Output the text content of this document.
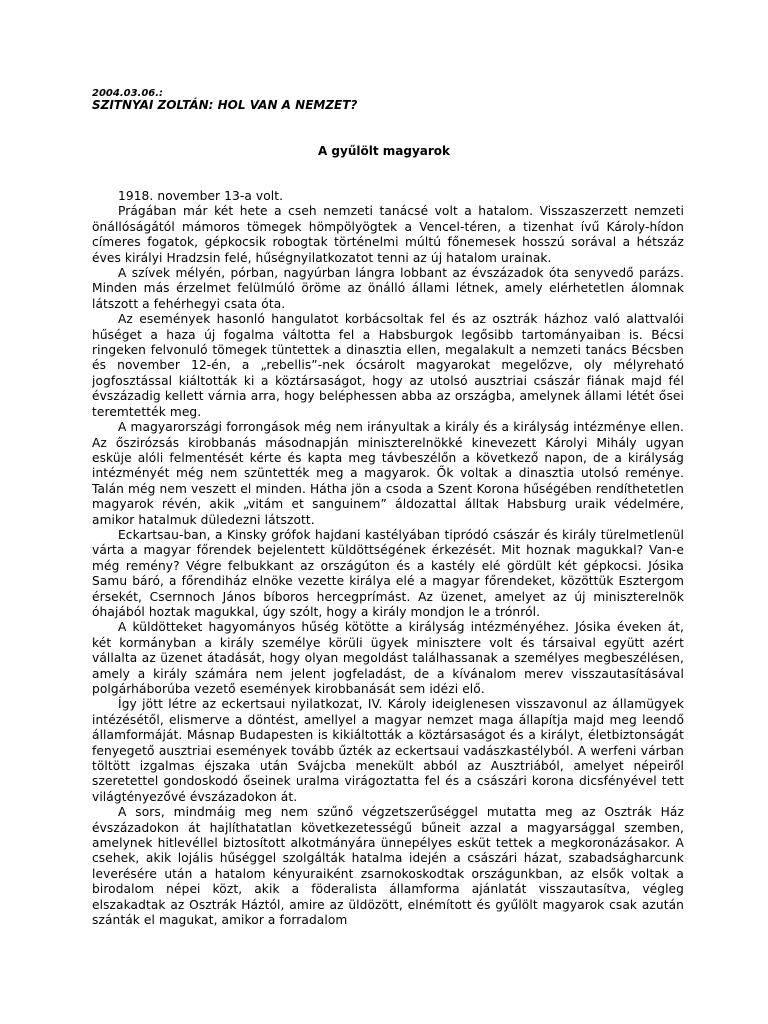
2004.03.06.:
SZITNYAI ZOLTÁN: HOL VAN A NEMZET?
A gyűlölt magyarok

1918. november 13-a volt.

Prágában már két hete a cseh nemzeti tanácsé volt a hatalom. Visszaszerzett nemzeti önállóságától mámoros tömegek hömpölyögtek a Vencel-téren, a tizenhat ívű Károly-hídon címeres fogatok, gépkocsik robogtak történelmi múltú főnemesek hosszú sorával a hétszáz éves királyi Hradzsin felé, hűségnyilatkozatot tenni az új hatalom urainak.

A szívek mélyén, pórban, nagyúrban lángra lobbant az évszázadok óta senyvedő parázs. Minden más érzelmet felülmúló öröme az önálló állami létnek, amely elérhetetlen álomnak látszott a fehérhegyi csata óta.

Az események hasonló hangulatot korbácsoltak fel és az osztrák házhoz való alattvalói hűséget a haza új fogalma váltotta fel a Habsburgok legősibb tartományaiban is. Bécsi ringeken felvonuló tömegek tüntettek a dinasztia ellen, megalakult a nemzeti tanács Bécsben és november 12-én, a „rebellis”-nek ócsárolt magyarokat megelőzve, oly mélyreható jogfosztással kiáltották ki a köztársaságot, hogy az utolsó ausztriai császár fiának majd fél évszázadig kellett várnia arra, hogy beléphessen abba az országba, amelynek állami létét ősei teremtették meg.

A magyarországi forrongások még nem irányultak a király és a királyság intézménye ellen. Az őszirózsás kirobbanás másodnapján miniszterelnökké kinevezett Károlyi Mihály ugyan esküje alóli felmentését kérte és kapta meg távbeszélőn a következő napon, de a királyság intézményét még nem szüntették meg a magyarok. Ők voltak a dinasztia utolsó reménye. Talán még nem veszett el minden. Hátha jön a csoda a Szent Korona hűségében rendíthetetlen magyarok révén, akik „vitám et sanguinem” áldozattal álltak Habsburg uraik védelmére, amikor hatalmuk düledezni látszott.

Eckartsau-ban, a Kinsky grófok hajdani kastélyában tipródó császár és király türelmetlenül várta a magyar főrendek bejelentett küldöttségének érkezését. Mit hoznak magukkal? Van-e még remény? Végre felbukkant az országúton és a kastély elé gördült két gépkocsi. Jósika Samu báró, a főrendiház elnöke vezette királya elé a magyar főrendeket, közöttük Esztergom érsekét, Csernnoch János bíboros hercegprímást. Az üzenet, amelyet az új miniszterelnök óhajából hoztak magukkal, úgy szólt, hogy a király mondjon le a trónról.

A küldötteket hagyományos hűség kötötte a királyság intézményéhez. Jósika éveken át, két kormányban a király személye körüli ügyek minisztere volt és társaival együtt azért vállalta az üzenet átadását, hogy olyan megoldást találhassanak a személyes megbeszélésen, amely a király számára nem jelent jogfeladást, de a kívánalom merev visszautasításával polgárháborúba vezető események kirobbanását sem idézi elő.

Így jött létre az eckertsaui nyilatkozat, IV. Károly ideiglenesen visszavonul az államügyek intézésétől, elismerve a döntést, amellyel a magyar nemzet maga állapítja majd meg leendő államformáját. Másnap Budapesten is kikiáltották a köztársaságot és a királyt, életbiztonságát fenyegető ausztriai események tovább űzték az eckertsaui vadászkastélyból. A werfeni várban töltött izgalmas éjszaka után Svájcba menekült abból az Ausztriából, amelyet népeiről szeretettel gondoskodó őseinek uralma virágoztatta fel és a császári korona dicsfényével tett világtényezővé évszázadokon át.

A sors, mindmáig meg nem szűnő végzetszerűséggel mutatta meg az Osztrák Ház évszázadokon át hajlíthatatlan következetességű bűneit azzal a magyarsággal szemben, amelynek hitlevéllel biztosított alkotmányára ünnepélyes esküt tettek a megkoronázásakor. A csehek, akik lojális hűséggel szolgálták hatalma idején a császári házat, szabadságharcunk leverésére után a hatalom kényuraiként zsarnokoskodtak országunkban, az elsők voltak a birodalom népei közt, akik a föderalista államforma ajánlatát visszautasítva, végleg elszakadtak az Osztrák Háztól, amire az üldözött, elnémított és gyűlölt magyarok csak azután szánták el magukat, amikor a forradalom
